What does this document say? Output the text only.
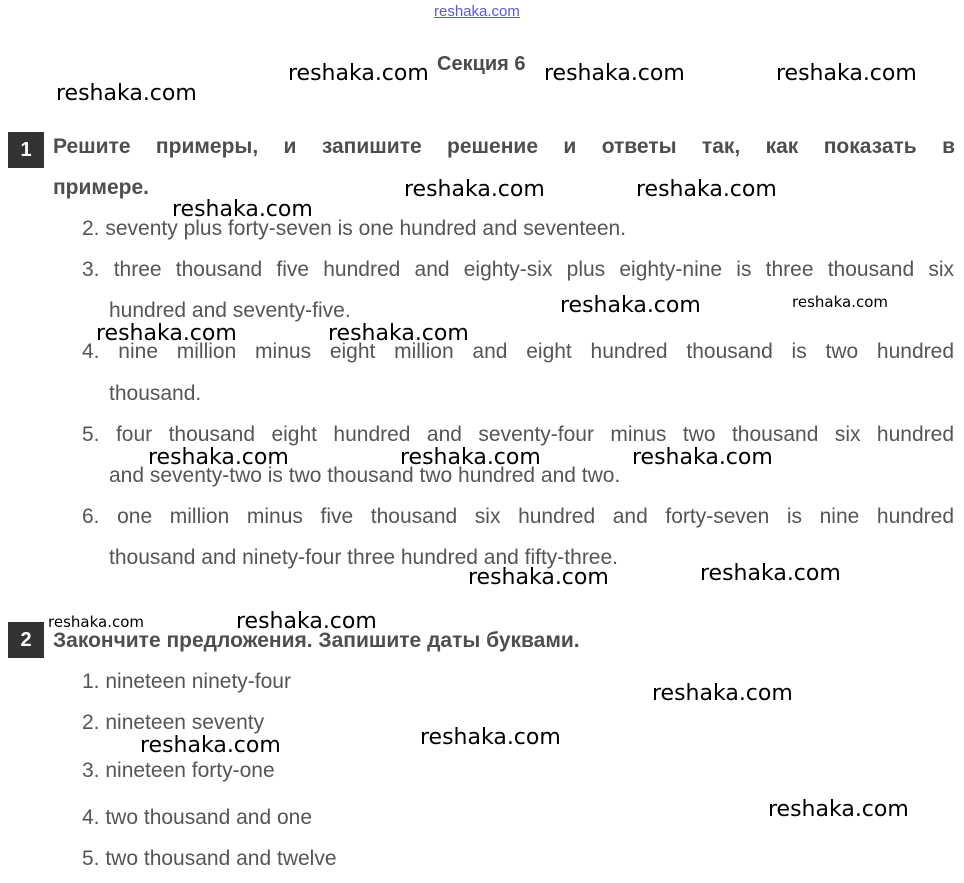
reshaka.com
Секция 6
1	Решите примеры, и запишите решение и ответы так, как показать в
примере.
2. seventy plus forty-seven is one hundred and seventeen.
3. three thousand five hundred and eighty-six plus eighty-nine is three thousand six
hundred and seventy-five.
4. nine million minus eight million and eight hundred thousand is two hundred
thousand.
5. four thousand eight hundred and seventy-four minus two thousand six hundred
and seventy-two is two thousand two hundred and two.
6. one million minus five thousand six hundred and forty-seven is nine hundred
thousand and ninety-four three hundred and fifty-three.
2	Закончите предложения. Запишите даты буквами.
1. nineteen ninety-four
2. nineteen seventy
3. nineteen forty-one
4. two thousand and one
5. two thousand and twelve
reshaka.com	reshaka.com	reshaka.com
reshaka.com
reshaka.com	reshaka.com
reshaka.com
reshaka.com	reshaka.com
reshaka.com	reshaka.com
reshaka.com	reshaka.com	reshaka.com
reshaka.com	reshaka.com
reshaka.com	reshaka.com
reshaka.com
reshaka.com
reshaka.com
reshaka.com
